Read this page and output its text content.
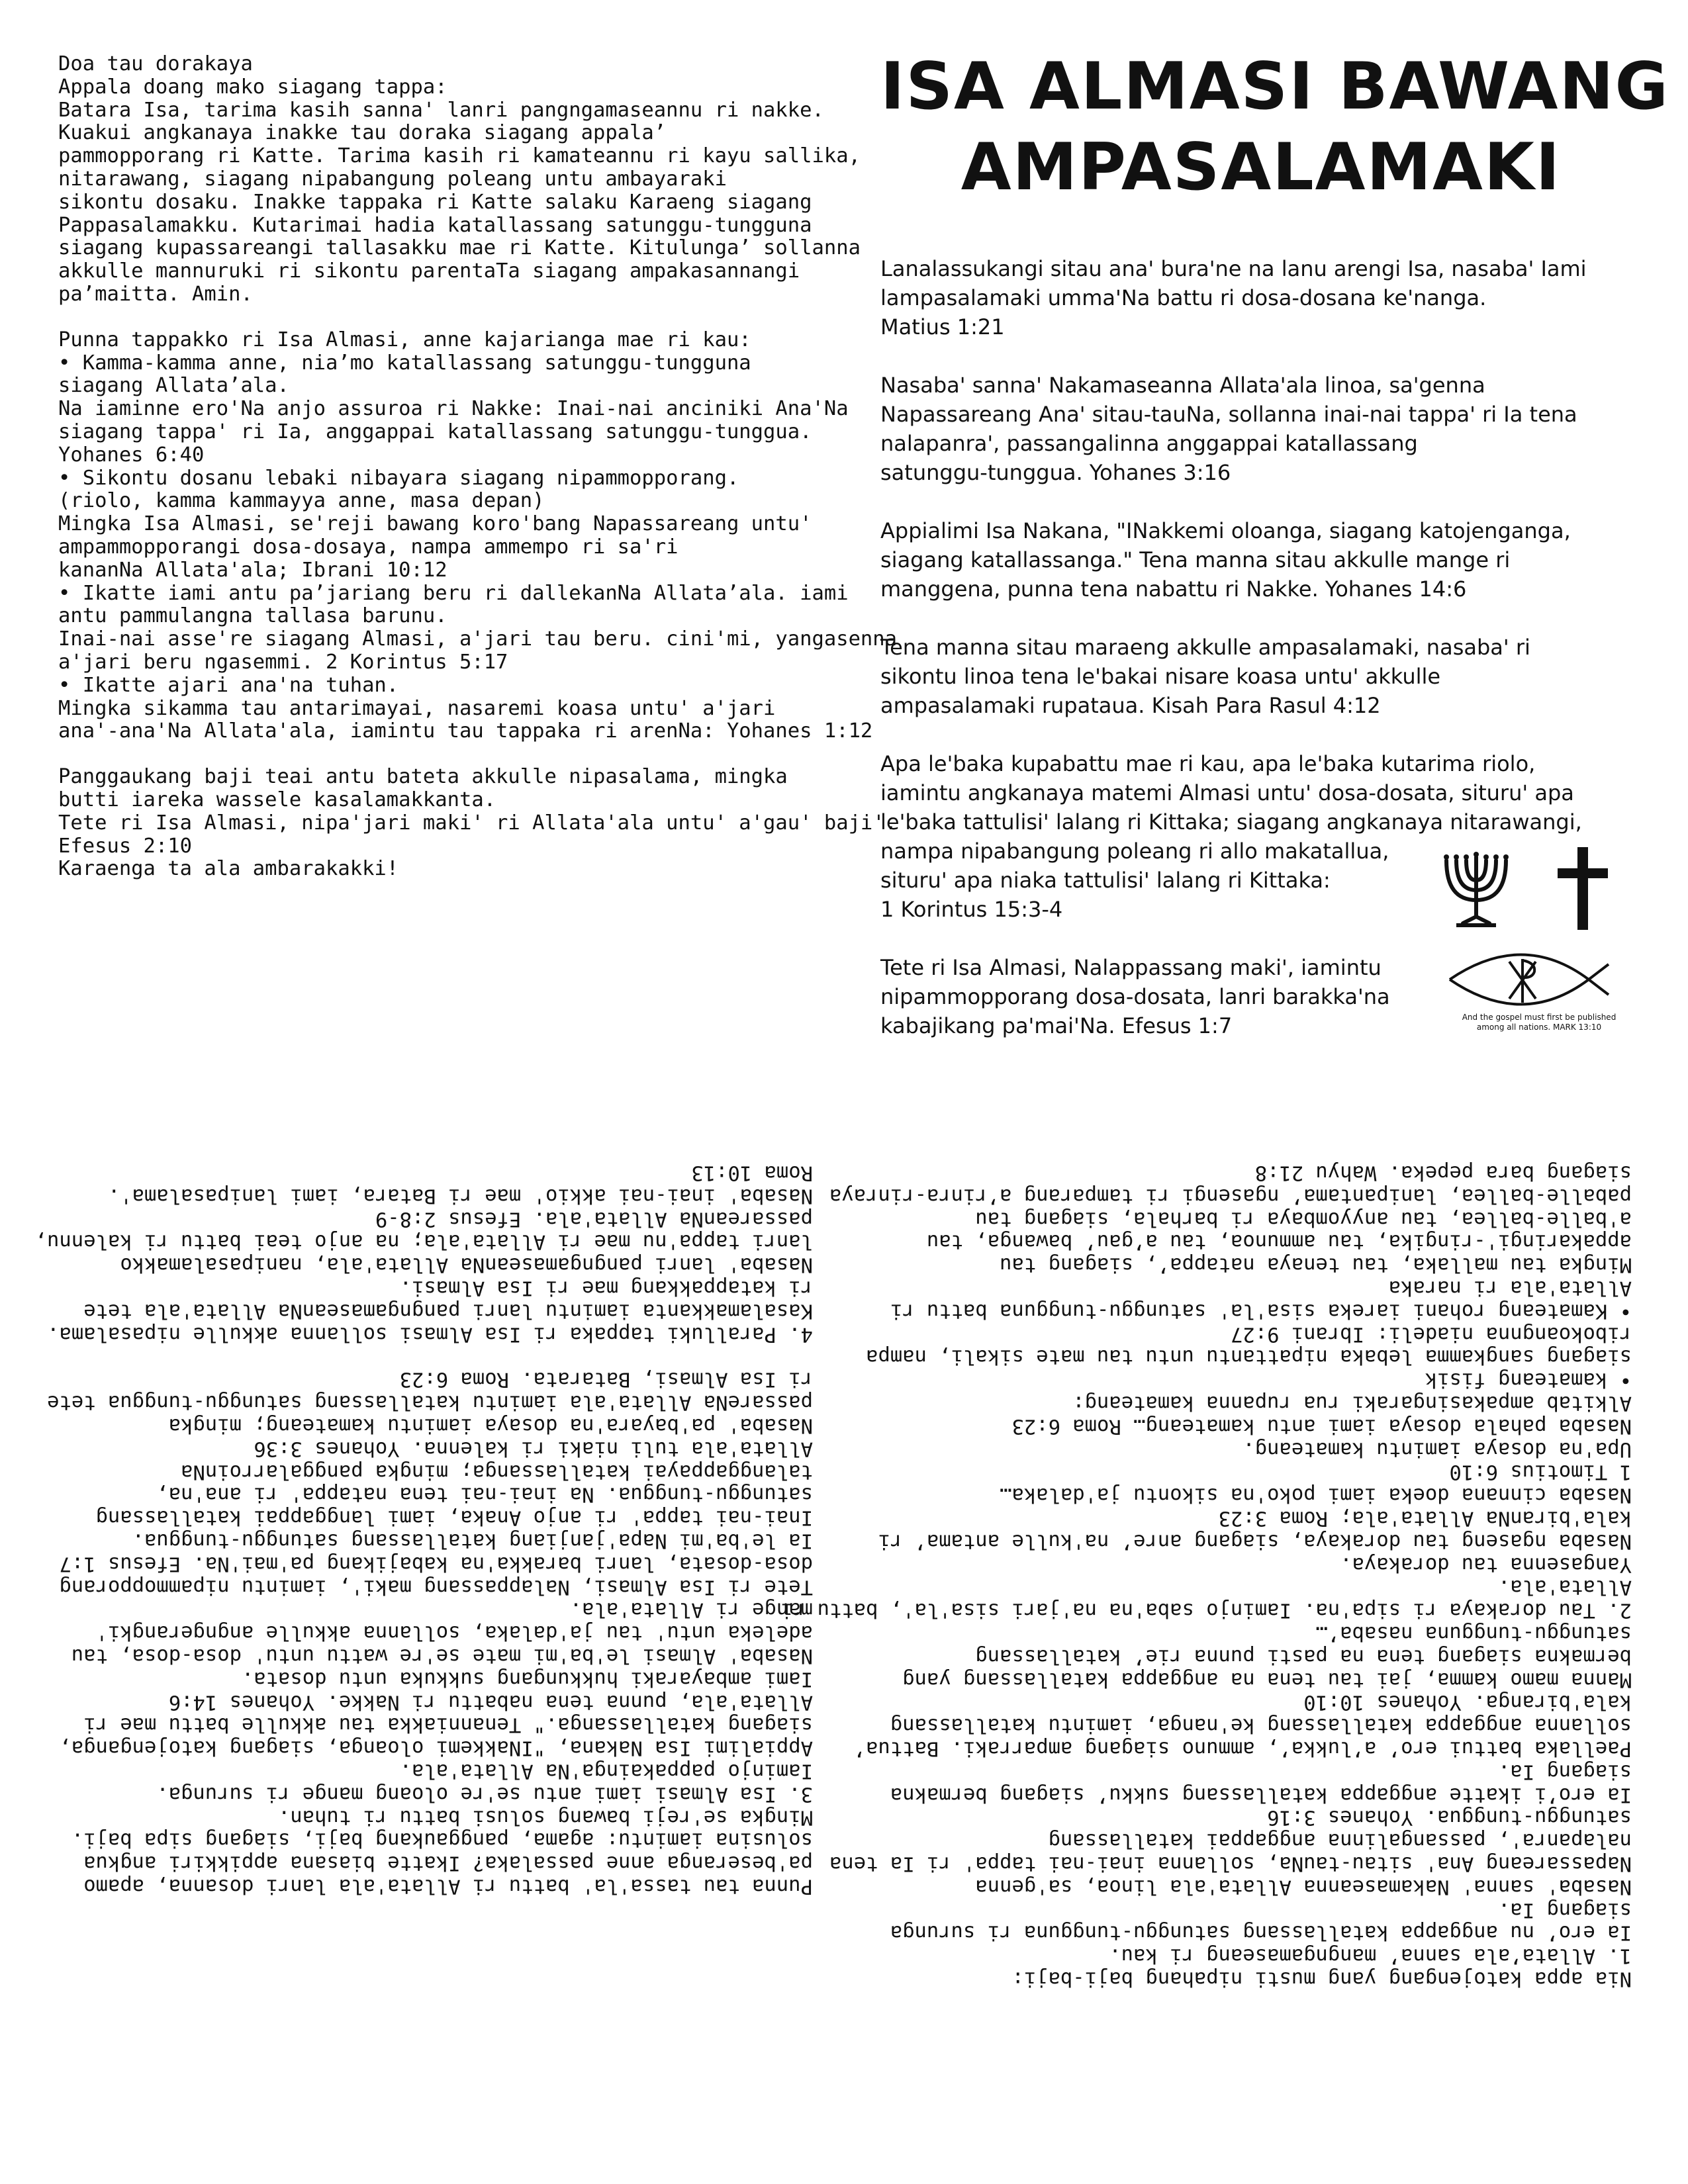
Doa tau dorakaya
Appala doang mako siagang tappa:
Batara Isa, tarima kasih sanna' lanri pangngamaseannu ri nakke.
Kuakui angkanaya inakke tau doraka siagang appala’
pammopporang ri Katte. Tarima kasih ri kamateannu ri kayu sallika,
nitarawang, siagang nipabangung poleang untu ambayaraki
sikontu dosaku. Inakke tappaka ri Katte salaku Karaeng siagang
Pappasalamakku. Kutarimai hadia katallassang satunggu-tungguna
siagang kupassareangi tallasakku mae ri Katte. Kitulunga’ sollanna
akkulle mannuruki ri sikontu parentaTa siagang ampakasannangi
pa’maitta. Amin.
Punna tappakko ri Isa Almasi, anne kajarianga mae ri kau:
• Kamma-kamma anne, nia’mo katallassang satunggu-tungguna
siagang Allata’ala.
Na iaminne ero'Na anjo assuroa ri Nakke: Inai-nai anciniki Ana'Na
siagang tappa' ri Ia, anggappai katallassang satunggu-tunggua.
Yohanes 6:40
• Sikontu dosanu lebaki nibayara siagang nipammopporang.
(riolo, kamma kammayya anne, masa depan)
Mingka Isa Almasi, se'reji bawang koro'bang Napassareang untu'
ampammopporangi dosa-dosaya, nampa ammempo ri sa'ri
kananNa Allata'ala; Ibrani 10:12
• Ikatte iami antu pa’jariang beru ri dallekanNa Allata’ala. iami
antu pammulangna tallasa barunu.
Inai-nai asse're siagang Almasi, a'jari tau beru. cini'mi, yangasenna
a'jari beru ngasemmi. 2 Korintus 5:17
• Ikatte ajari ana'na tuhan.
Mingka sikamma tau antarimayai, nasaremi koasa untu' a'jari
ana'-ana'Na Allata'ala, iamintu tau tappaka ri arenNa: Yohanes 1:12
Panggaukang baji teai antu bateta akkulle nipasalama, mingka
butti iareka wassele kasalamakkanta.
Tete ri Isa Almasi, nipa'jari maki' ri Allata'ala untu' a'gau' baji'.
Efesus 2:10
Karaenga ta ala ambarakakki!
ISA ALMASI BAWANG
AMPASALAMAKI
Lanalassukangi sitau ana' bura'ne na lanu arengi Isa, nasaba' Iami
lampasalamaki umma'Na battu ri dosa-dosana ke'nanga.
Matius 1:21
Nasaba' sanna' Nakamaseanna Allata'ala linoa, sa'genna
Napassareang Ana' sitau-tauNa, sollanna inai-nai tappa' ri Ia tena
nalapanra', passangalinna anggappai katallassang
satunggu-tunggua. Yohanes 3:16
Appialimi Isa Nakana, "INakkemi oloanga, siagang katojenganga,
siagang katallassanga." Tena manna sitau akkulle mange ri
manggena, punna tena nabattu ri Nakke. Yohanes 14:6
Tena manna sitau maraeng akkulle ampasalamaki, nasaba' ri
sikontu linoa tena le'bakai nisare koasa untu' akkulle
ampasalamaki rupataua. Kisah Para Rasul 4:12
Apa le'baka kupabattu mae ri kau, apa le'baka kutarima riolo,
iamintu angkanaya matemi Almasi untu' dosa-dosata, situru' apa
le'baka tattulisi' lalang ri Kittaka; siagang angkanaya nitarawangi,
nampa nipabangung poleang ri allo makatallua,
situru' apa niaka tattulisi' lalang ri Kittaka:
1 Korintus 15:3-4
Tete ri Isa Almasi, Nalappassang maki', iamintu
nipammopporang dosa-dosata, lanri barakka'na
kabajikang pa'mai'Na. Efesus 1:7	And the gospel must first be published
among all nations. MARK 13:10
Nia appa katojengang yang musti nipahang baji-baji:
1. Allata’ala sanna’ mangngamaseang ri kau.
Ia ero’ nu anggappa katallassang satunggu-tungguna ri surunga
siagang Ia.
Nasaba' sanna' Nakamaseanna Allata'ala linoa, sa'genna
Napassareang Ana' sitau-tauNa, sollanna inai-nai tappa' ri Ia tena
nalapanra', passangalinna anggappai katallassang
satunggu-tunggua. Yohanes 3:16
Ia ero’i ikatte anggappa katallassang sukku’ siagang bermakna
siagang Ia.
Paellaka battui ero’ a’lukka’, ammuno siagang amparraki. Battua’
sollanna anggappa katallassang ke'nanga, iamintu katallassang
kala'biranga. Yohanes 10:10
Manna mamo kamma, jai tau tena na anggappa katallassang yang
bermakna siagang tena na pasti punna rie’ katallassang
satunggu-tungguna nasaba’…
2. Tau dorakaya ri sipa'na. Iaminjo saba'na na'jari sisa'la', battu ri
Allata'ala.
Yangasenna tau dorakaya.
Nasaba ngaseng tau dorakaya, siagang anre’ na'kulle antama’ ri
kala'biranNa Allata'ala; Roma 3:23
Nasaba cinnana doeka iami poko'na sikontu ja'dalaka…
1 Timotius 6:10
Upa'na dosaya iamintu kamateang.
Nasaba pahala dosaya iami antu kamateang… Roma 6:23
Alkitab ampakasingaraki rua rupanna kamateang:
• kamateang fisik
siagang sangkamma lebaka nipattantu untu tau mate sikali, nampa
ribokoangnna niadeli: Ibrani 9:27
• Kamateang rohani iareka sisa'la' satunggu-tungguna battu ri
Allata'ala ri naraka
Mingka tau mallaka, tau tenaya natappa’, siagang tau
appakaringi'-ringika, tau ammunoa, tau a’gau’ bawanga, tau
a'balle-ballea, tau anyyombaya ri barhala, siagang tau
paballe-ballea, lanipantama’ ngasengi ri tamparang a’rinra-rinraya
siagang bara pepeka. Wahyu 21:8
Punna tau tassa'la' battu ri Allata'ala lanri dosanna, apamo
pa'beseranga anne passalaka? Ikatte biasana appikkiri angkua
solusina iamintu: agama, panggaukang baji, siagang sipa baji.
Mingka se'reji bawang solusi battu ri tuhan.
3. Isa Almasi iami antu se're oloang mange ri surunga.
Iaminjo pappakainga'Na Allata'ala.
Appialimi Isa Nakana, "INakkemi oloanga, siagang katojenganga,
siagang katallassanga." Tenanniakka tau akkulle battu mae ri
Allata'ala, punna tena nabattu ri Nakke. Yohanes 14:6
Iami ambayaraki hukkungang sukkuka untu dosata.
Nasaba' Almasi le'ba'mi mate se're wattu untu' dosa-dosa, tau
adeleka untu' tau ja'dalaka, sollanna akkulle angngerangki'
mange ri Allata'ala.
Tete ri Isa Almasi, Nalappassang maki', iamintu nipammopporang
dosa-dosata, lanri barakka'na kabajikang pa'mai'Na. Efesus 1:7
Ia le'ba'mi Napa'janjiang katallassang satunggu-tunggua.
Inai-nai tappa' ri anjo Anaka, iami langgappai katallassang
satunggu-tunggua. Na inai-nai tena natappa' ri ana'na,
talanggappayai katallassanga; mingka panggalarroinNa
Allata'ala tuli niaki ri kalenna. Yohanes 3:36
Nasaba' pa'bayara'na dosaya iamintu kamateang; mingka
passareNa Allata'ala iamintu katallassang satunggu-tunggua tete
ri Isa Almasi, Batarata. Roma 6:23
4. Paralluki tappaka ri Isa Almasi sollanna akkulle nipasalama.
Kasalamakkanta iamintu lanri pangngamaseanNa Allata'ala tete
ri katappakkang mae ri Isa Almasi.
Nasaba' lanri pangngamaseanNa Allata'ala, nanipasalamakko
lanri tappa'nu mae ri Allata'ala; na anjo teai battu ri kalennu,
passareanNa Allata'ala. Efesus 2:8-9
Nasaba' inai-nai akkio' mae ri Batara, iami lanipasalama'.
Roma 10:13
